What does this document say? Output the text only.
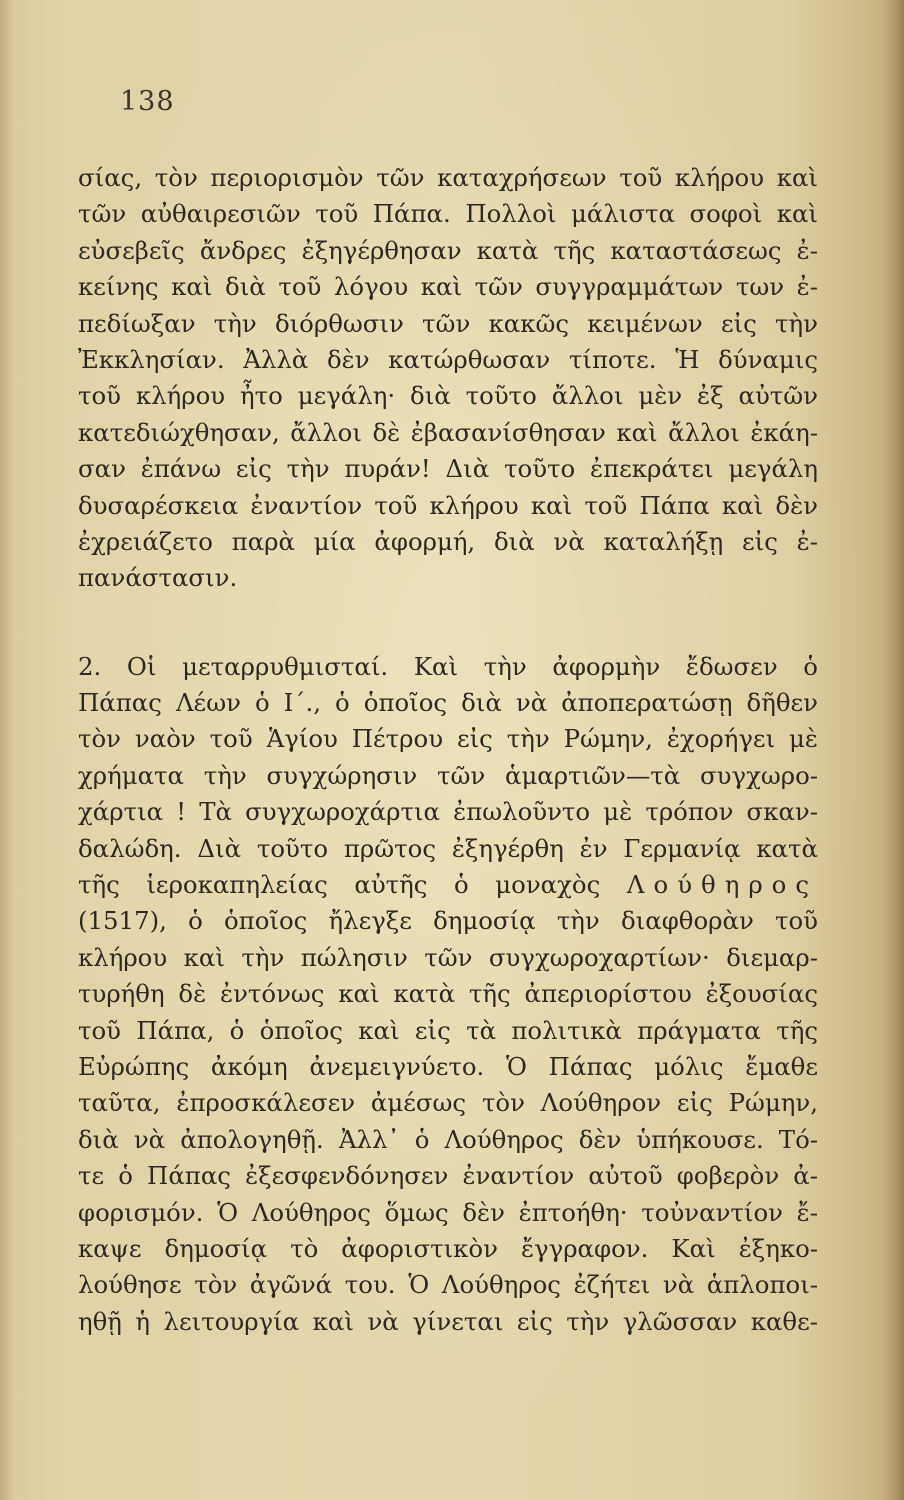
138
σίας, τὸν περιορισμὸν τῶν καταχρήσεων τοῦ κλήρου καὶ
τῶν αὐθαιρεσιῶν τοῦ Πάπα. Πολλοὶ μάλιστα σοφοὶ καὶ
εὐσεβεῖς ἄνδρες ἐξηγέρθησαν κατὰ τῆς καταστάσεως ἐ-
κείνης καὶ διὰ τοῦ λόγου καὶ τῶν συγγραμμάτων των ἐ-
πεδίωξαν τὴν διόρθωσιν τῶν κακῶς κειμένων εἰς τὴν
Ἐκκλησίαν. Ἀλλὰ δὲν κατώρθωσαν τίποτε. Ἡ δύναμις
τοῦ κλήρου ἦτο μεγάλη· διὰ τοῦτο ἄλλοι μὲν ἐξ αὐτῶν
κατεδιώχθησαν, ἄλλοι δὲ ἐβασανίσθησαν καὶ ἄλλοι ἐκάη-
σαν ἐπάνω εἰς τὴν πυράν! Διὰ τοῦτο ἐπεκράτει μεγάλη
δυσαρέσκεια ἐναντίον τοῦ κλήρου καὶ τοῦ Πάπα καὶ δὲν
ἐχρειάζετο παρὰ μία ἀφορμή, διὰ νὰ καταλήξῃ εἰς ἐ-
πανάστασιν.
2. Οἱ μεταρρυθμισταί. Καὶ τὴν ἀφορμὴν ἔδωσεν ὁ
Πάπας Λέων ὁ Ι΄., ὁ ὁποῖος διὰ νὰ ἀποπερατώσῃ δῆθεν
τὸν ναὸν τοῦ Ἁγίου Πέτρου εἰς τὴν Ρώμην, ἐχορήγει μὲ
χρήματα τὴν συγχώρησιν τῶν ἁμαρτιῶν—τὰ συγχωρο-
χάρτια ! Τὰ συγχωροχάρτια ἐπωλοῦντο μὲ τρόπον σκαν-
δαλώδη. Διὰ τοῦτο πρῶτος ἐξηγέρθη ἐν Γερμανίᾳ κατὰ
τῆς ἱεροκαπηλείας αὐτῆς ὁ μοναχὸς Λούθηρος
(1517), ὁ ὁποῖος ἤλεγξε δημοσίᾳ τὴν διαφθορὰν τοῦ
κλήρου καὶ τὴν πώλησιν τῶν συγχωροχαρτίων· διεμαρ-
τυρήθη δὲ ἐντόνως καὶ κατὰ τῆς ἀπεριορίστου ἐξουσίας
τοῦ Πάπα, ὁ ὁποῖος καὶ εἰς τὰ πολιτικὰ πράγματα τῆς
Εὐρώπης ἀκόμη ἀνεμειγνύετο. Ὁ Πάπας μόλις ἔμαθε
ταῦτα, ἐπροσκάλεσεν ἀμέσως τὸν Λούθηρον εἰς Ρώμην,
διὰ νὰ ἀπολογηθῇ. Ἀλλ᾽ ὁ Λούθηρος δὲν ὑπήκουσε. Τό-
τε ὁ Πάπας ἐξεσφενδόνησεν ἐναντίον αὐτοῦ φοβερὸν ἀ-
φορισμόν. Ὁ Λούθηρος ὅμως δὲν ἐπτοήθη· τοὐναντίον ἔ-
καψε δημοσίᾳ τὸ ἀφοριστικὸν ἔγγραφον. Καὶ ἐξηκο-
λούθησε τὸν ἀγῶνά του. Ὁ Λούθηρος ἐζήτει νὰ ἁπλοποι-
ηθῇ ἡ λειτουργία καὶ νὰ γίνεται εἰς τὴν γλῶσσαν καθε-
